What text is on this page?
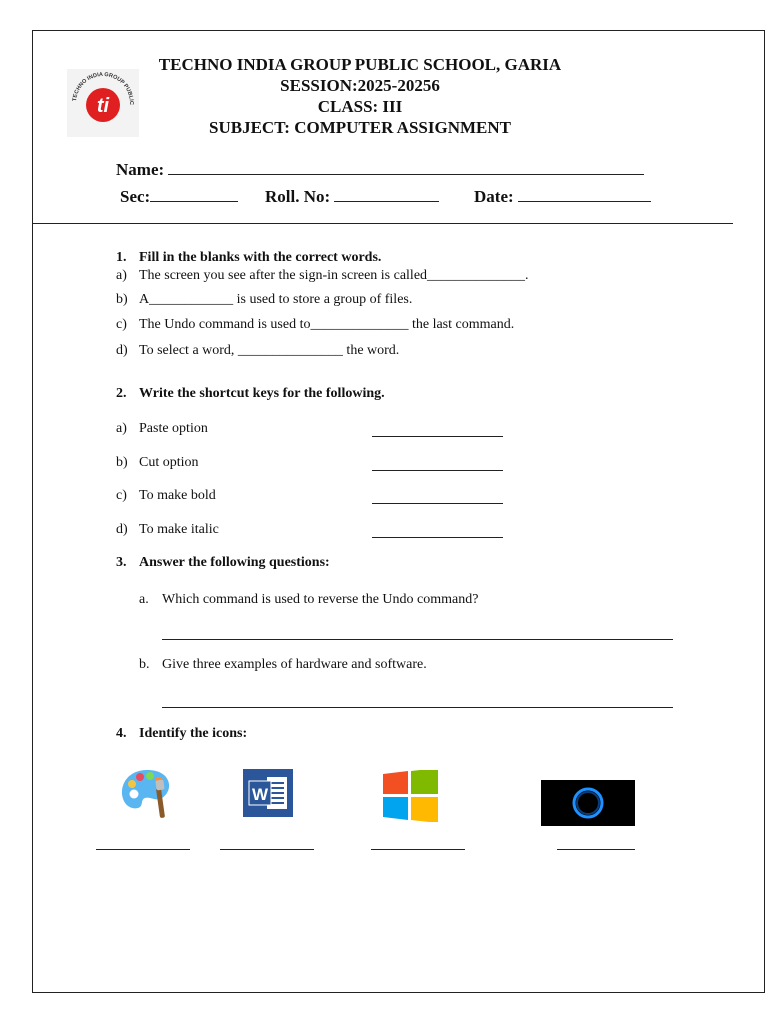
TECHNO INDIA GROUP PUBLIC
ti
TECHNO INDIA GROUP PUBLIC SCHOOL, GARIA
SESSION:2025-20256
CLASS: III
SUBJECT: COMPUTER ASSIGNMENT
Name:
Sec:	Roll. No:	Date:
1. Fill in the blanks with the correct words.
a) The screen you see after the sign-in screen is called______________.
b) A____________ is used to store a group of files.
c) The Undo command is used to______________ the last command.
d) To select a word, _______________ the word.
2. Write the shortcut keys for the following.
a) Paste option
b) Cut option
c) To make bold
d) To make italic
3. Answer the following questions:
a. Which command is used to reverse the Undo command?
b. Give three examples of hardware and software.
4. Identify the icons:
W
